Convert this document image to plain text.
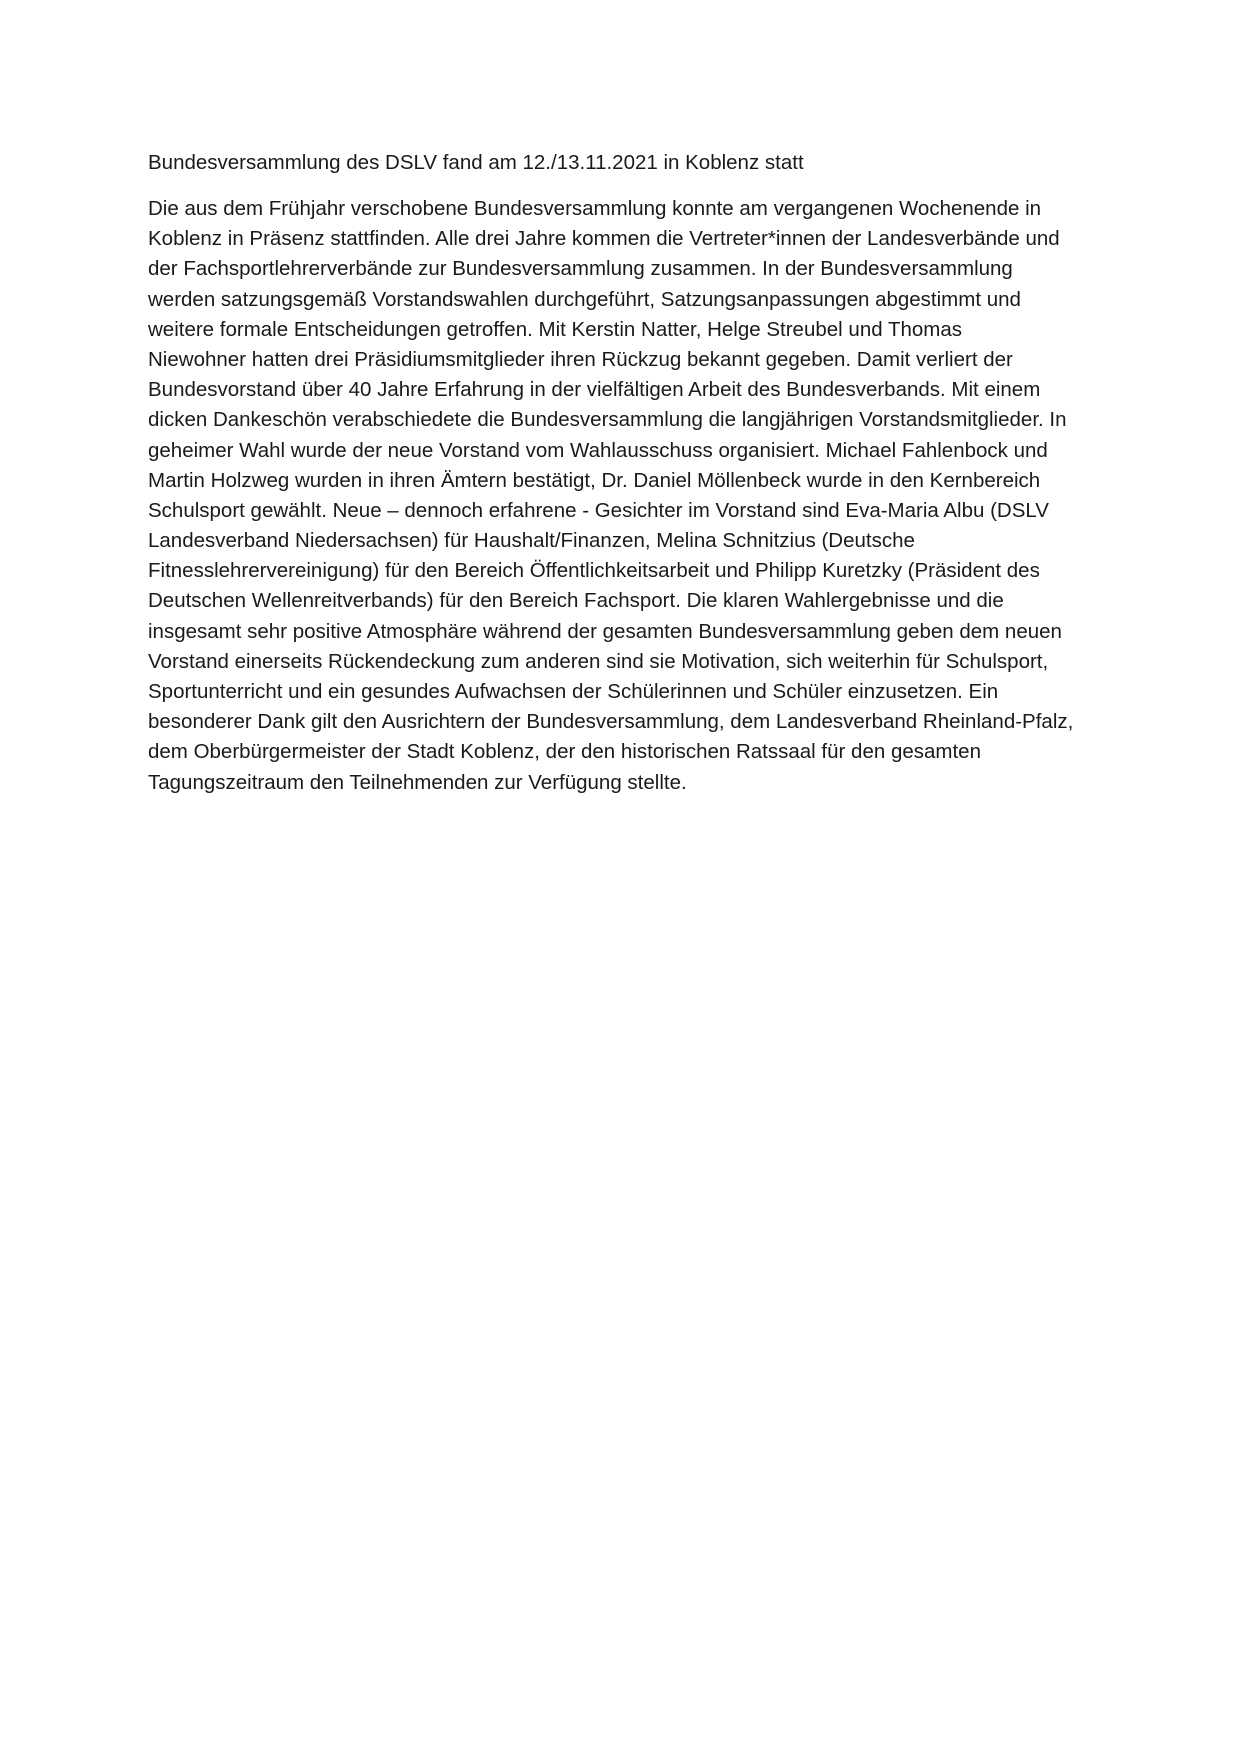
Bundesversammlung des DSLV fand am 12./13.11.2021 in Koblenz statt
Die aus dem Frühjahr verschobene Bundesversammlung konnte am vergangenen Wochenende in
Koblenz in Präsenz stattfinden. Alle drei Jahre kommen die Vertreter*innen der Landesverbände und
der Fachsportlehrerverbände zur Bundesversammlung zusammen. In der Bundesversammlung
werden satzungsgemäß Vorstandswahlen durchgeführt, Satzungsanpassungen abgestimmt und
weitere formale Entscheidungen getroffen. Mit Kerstin Natter, Helge Streubel und Thomas
Niewohner hatten drei Präsidiumsmitglieder ihren Rückzug bekannt gegeben. Damit verliert der
Bundesvorstand über 40 Jahre Erfahrung in der vielfältigen Arbeit des Bundesverbands. Mit einem
dicken Dankeschön verabschiedete die Bundesversammlung die langjährigen Vorstandsmitglieder. In
geheimer Wahl wurde der neue Vorstand vom Wahlausschuss organisiert. Michael Fahlenbock und
Martin Holzweg wurden in ihren Ämtern bestätigt, Dr. Daniel Möllenbeck wurde in den Kernbereich
Schulsport gewählt. Neue – dennoch erfahrene - Gesichter im Vorstand sind Eva-Maria Albu (DSLV
Landesverband Niedersachsen) für Haushalt/Finanzen, Melina Schnitzius (Deutsche
Fitnesslehrervereinigung) für den Bereich Öffentlichkeitsarbeit und Philipp Kuretzky (Präsident des
Deutschen Wellenreitverbands) für den Bereich Fachsport. Die klaren Wahlergebnisse und die
insgesamt sehr positive Atmosphäre während der gesamten Bundesversammlung geben dem neuen
Vorstand einerseits Rückendeckung zum anderen sind sie Motivation, sich weiterhin für Schulsport,
Sportunterricht und ein gesundes Aufwachsen der Schülerinnen und Schüler einzusetzen. Ein
besonderer Dank gilt den Ausrichtern der Bundesversammlung, dem Landesverband Rheinland-Pfalz,
dem Oberbürgermeister der Stadt Koblenz, der den historischen Ratssaal für den gesamten
Tagungszeitraum den Teilnehmenden zur Verfügung stellte.
